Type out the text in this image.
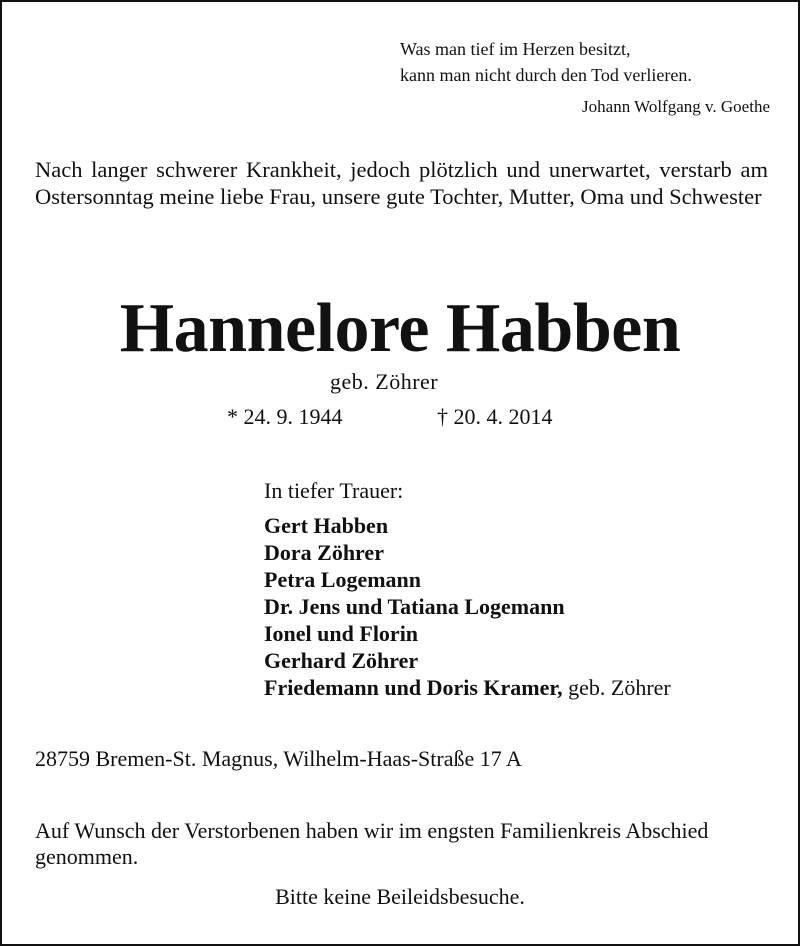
Was man tief im Herzen besitzt,
kann man nicht durch den Tod verlieren.
Johann Wolfgang v. Goethe
Nach langer schwerer Krankheit, jedoch plötzlich und unerwartet, verstarb am Ostersonntag meine liebe Frau, unsere gute Tochter, Mutter, Oma und Schwester
Hannelore Habben
geb. Zöhrer
* 24. 9. 1944	† 20. 4. 2014
In tiefer Trauer:
Gert Habben
Dora Zöhrer
Petra Logemann
Dr. Jens und Tatiana Logemann
Ionel und Florin
Gerhard Zöhrer
Friedemann und Doris Kramer, geb. Zöhrer
28759 Bremen-St. Magnus, Wilhelm-Haas-Straße 17 A
Auf Wunsch der Verstorbenen haben wir im engsten Familienkreis Abschied genommen.
Bitte keine Beileidsbesuche.
